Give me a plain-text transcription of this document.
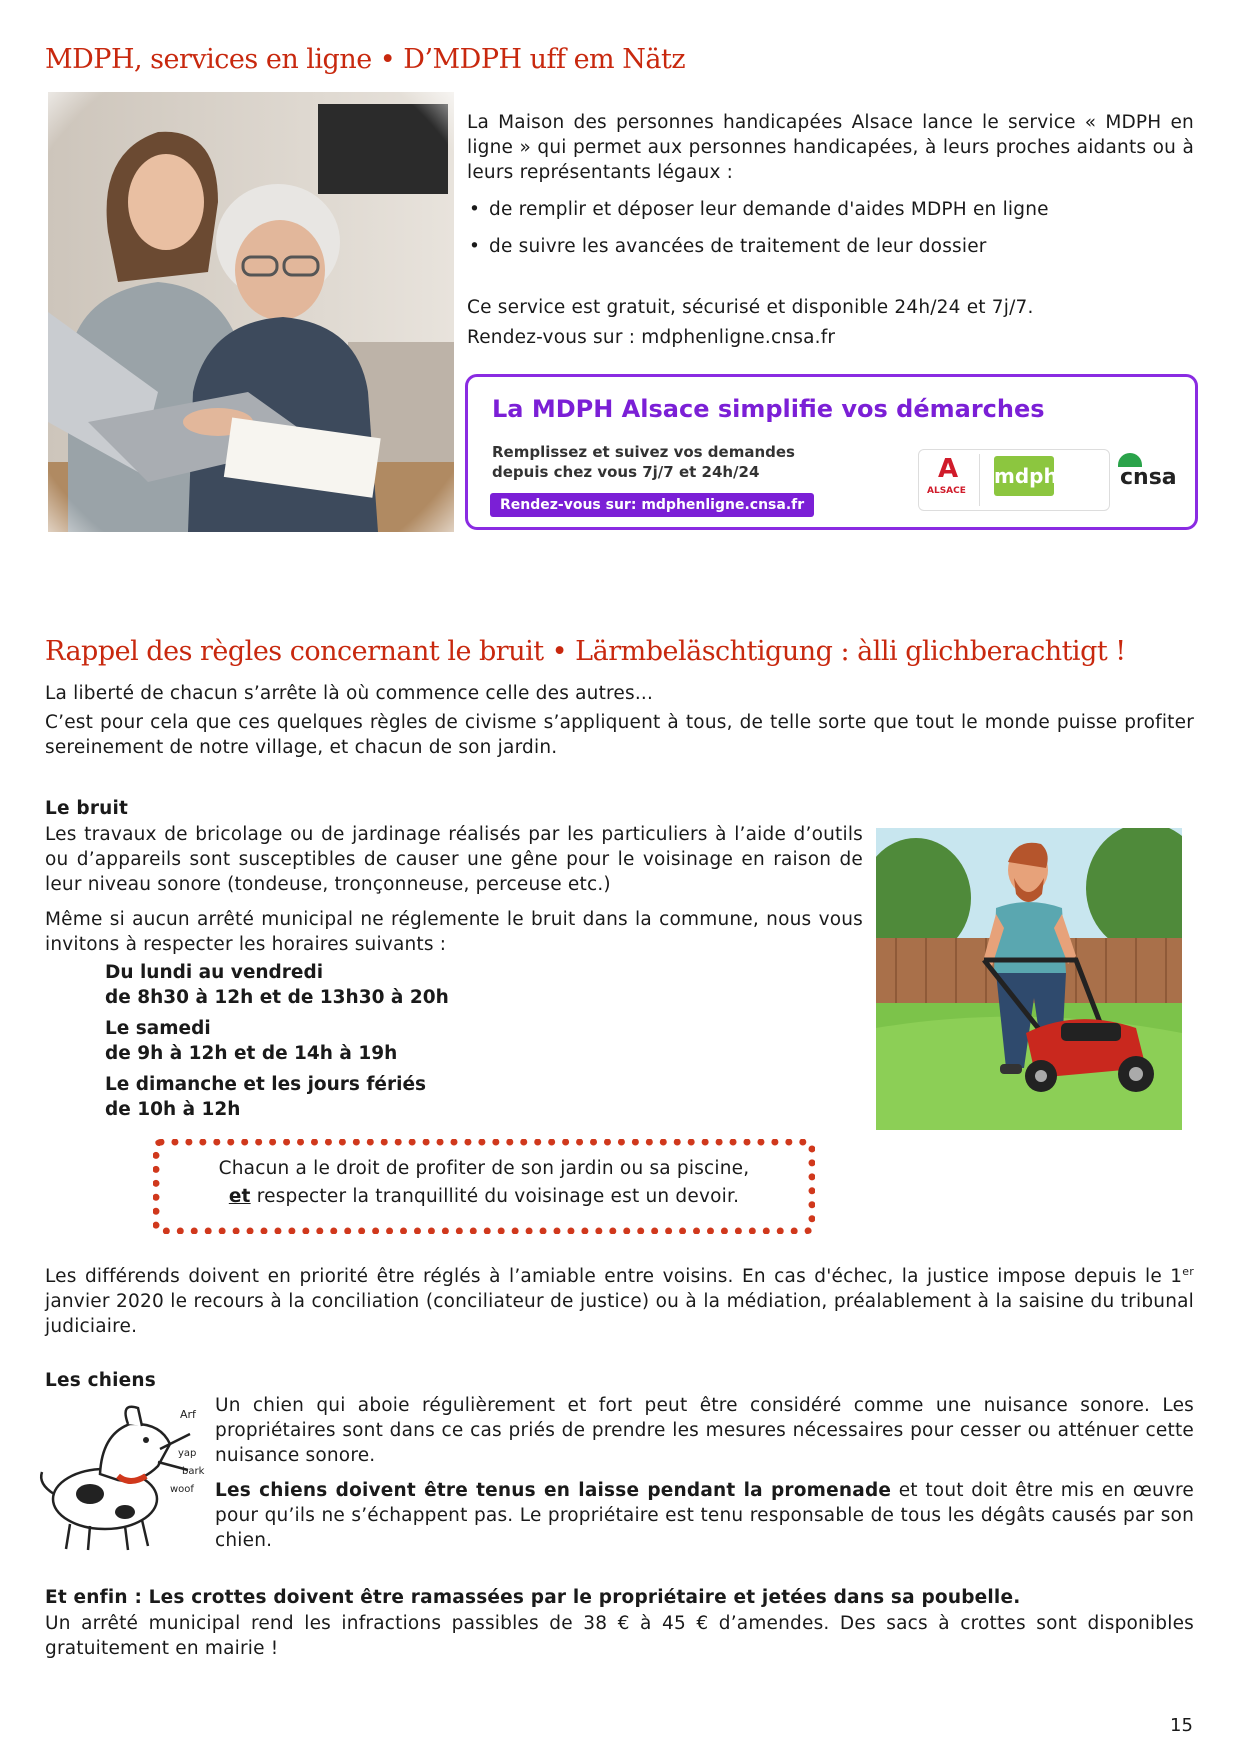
MDPH, services en ligne • D’MDPH uff em Nätz
La Maison des personnes handicapées Alsace lance le service « MDPH en ligne » qui permet aux personnes handicapées, à leurs proches aidants ou à leurs représentants légaux :
• de remplir et déposer leur demande d'aides MDPH en ligne
• de suivre les avancées de traitement de leur dossier
Ce service est gratuit, sécurisé et disponible 24h/24 et 7j/7.
Rendez-vous sur : mdphenligne.cnsa.fr
La MDPH Alsace simplifie vos démarches
Remplissez et suivez vos demandes
depuis chez vous 7j/7 et 24h/24
Rendez-vous sur: mdphenligne.cnsa.fr
A
ALSACE
mdph	cnsa
Rappel des règles concernant le bruit • Lärmbeläschtigung : àlli glichberachtigt !
La liberté de chacun s’arrête là où commence celle des autres...
C’est pour cela que ces quelques règles de civisme s’appliquent à tous, de telle sorte que tout le monde puisse profiter sereinement de notre village, et chacun de son jardin.
Le bruit
Les travaux de bricolage ou de jardinage réalisés par les particuliers à l’aide d’outils ou d’appareils sont susceptibles de causer une gêne pour le voisinage en raison de leur niveau sonore (tondeuse, tronçonneuse, perceuse etc.)
Même si aucun arrêté municipal ne réglemente le bruit dans la commune, nous vous invitons à respecter les horaires suivants :
Du lundi au vendredi
de 8h30 à 12h et de 13h30 à 20h
Le samedi
de 9h à 12h et de 14h à 19h
Le dimanche et les jours fériés
de 10h à 12h
Chacun a le droit de profiter de son jardin ou sa piscine,
et respecter la tranquillité du voisinage est un devoir.
Les différends doivent en priorité être réglés à l’amiable entre voisins. En cas d'échec, la justice impose depuis le 1er janvier 2020 le recours à la conciliation (conciliateur de justice) ou à la médiation, préalablement à la saisine du tribunal judiciaire.
Les chiens
Arf
yap
bark
woof
Un chien qui aboie régulièrement et fort peut être considéré comme une nuisance sonore. Les propriétaires sont dans ce cas priés de prendre les mesures nécessaires pour cesser ou atténuer cette nuisance sonore.
Les chiens doivent être tenus en laisse pendant la promenade et tout doit être mis en œuvre pour qu’ils ne s’échappent pas. Le propriétaire est tenu responsable de tous les dégâts causés par son chien.
Et enfin : Les crottes doivent être ramassées par le propriétaire et jetées dans sa poubelle.
Un arrêté municipal rend les infractions passibles de 38 € à 45 € d’amendes. Des sacs à crottes sont disponibles gratuitement en mairie !
15
